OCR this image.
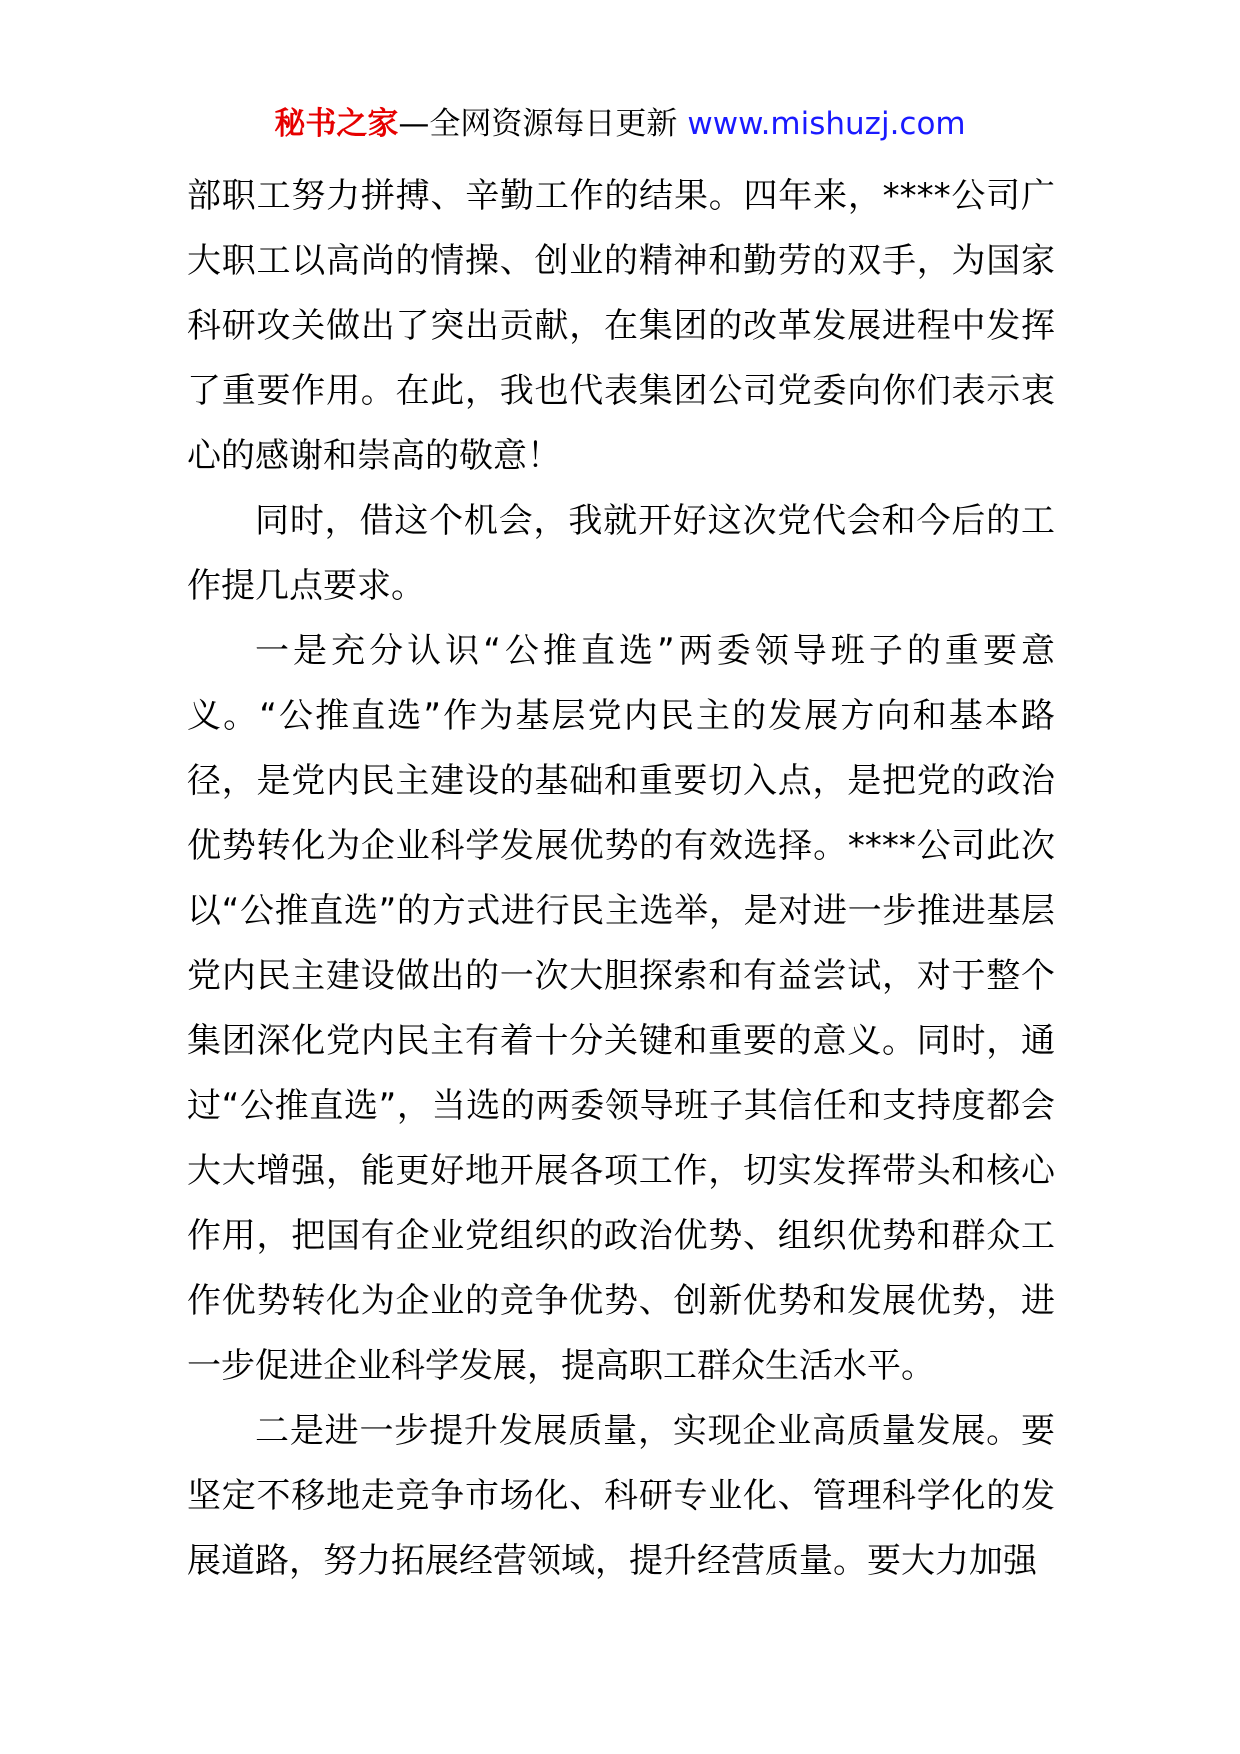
秘书之家—全网资源每日更新 www.mishuzj.com

部职工努力拼搏、辛勤工作的结果。四年来，****公司广大职工以高尚的情操、创业的精神和勤劳的双手，为国家科研攻关做出了突出贡献，在集团的改革发展进程中发挥了重要作用。在此，我也代表集团公司党委向你们表示衷心的感谢和崇高的敬意！

同时，借这个机会，我就开好这次党代会和今后的工作提几点要求。

一是充分认识“公推直选”两委领导班子的重要意义。“公推直选”作为基层党内民主的发展方向和基本路径，是党内民主建设的基础和重要切入点，是把党的政治优势转化为企业科学发展优势的有效选择。****公司此次以“公推直选”的方式进行民主选举，是对进一步推进基层党内民主建设做出的一次大胆探索和有益尝试，对于整个集团深化党内民主有着十分关键和重要的意义。同时，通过“公推直选”，当选的两委领导班子其信任和支持度都会大大增强，能更好地开展各项工作，切实发挥带头和核心作用，把国有企业党组织的政治优势、组织优势和群众工作优势转化为企业的竞争优势、创新优势和发展优势，进一步促进企业科学发展，提高职工群众生活水平。

二是进一步提升发展质量，实现企业高质量发展。要坚定不移地走竞争市场化、科研专业化、管理科学化的发展道路，努力拓展经营领域，提升经营质量。要大力加强
